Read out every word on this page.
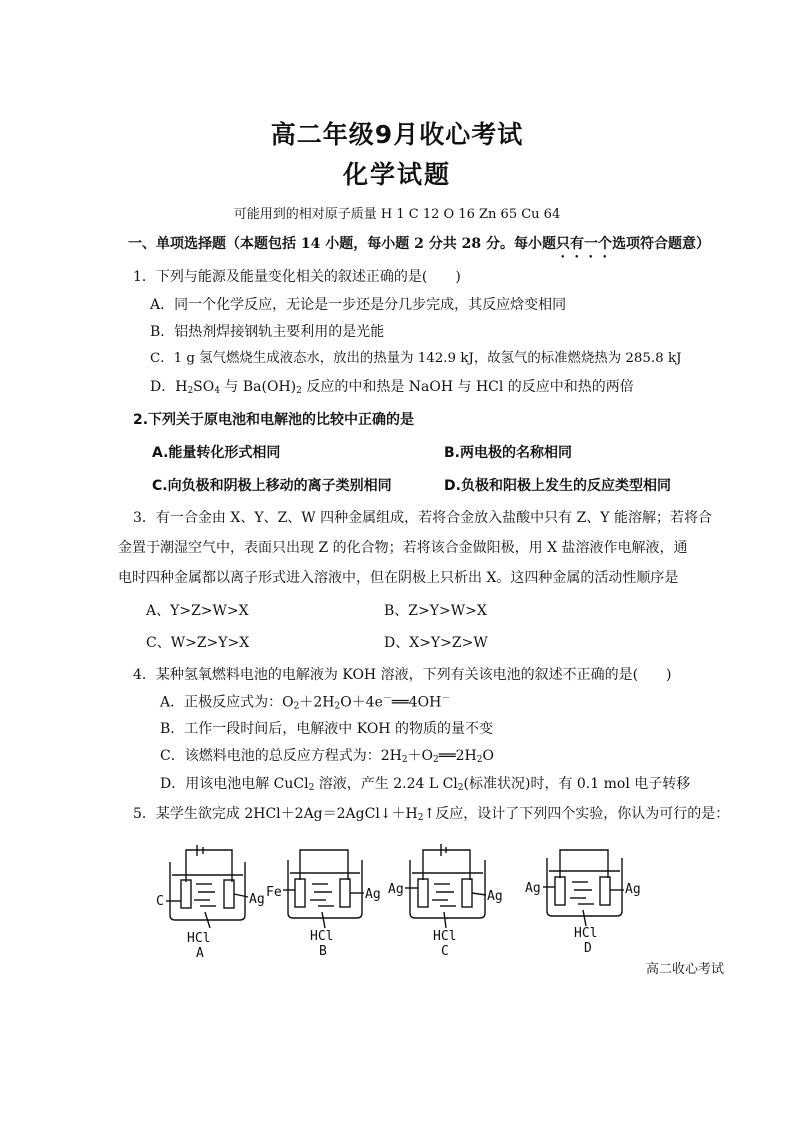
高二年级9月收心考试
化学试题
可能用到的相对原子质量 H 1 C 12 O 16 Zn 65 Cu 64
一、单项选择题（本题包括 14 小题，每小题 2 分共 28 分。每小题只有一个选项符合题意）
1．下列与能源及能量变化相关的叙述正确的是(　　)
A．同一个化学反应，无论是一步还是分几步完成，其反应焓变相同
B．铝热剂焊接钢轨主要利用的是光能
C．1 g 氢气燃烧生成液态水，放出的热量为 142.9 kJ，故氢气的标准燃烧热为 285.8 kJ
D．$H_2SO_4$ 与 $Ba(OH)_2$ 反应的中和热是 NaOH 与 HCl 的反应中和热的两倍
2.下列关于原电池和电解池的比较中正确的是
A.能量转化形式相同	B.两电极的名称相同
C.向负极和阴极上移动的离子类别相同	D.负极和阳极上发生的反应类型相同
3．有一合金由 X、Y、Z、W 四种金属组成，若将合金放入盐酸中只有 Z、Y 能溶解；若将合
金置于潮湿空气中，表面只出现 Z 的化合物；若将该合金做阳极，用 X 盐溶液作电解液，通
电时四种金属都以离子形式进入溶液中，但在阴极上只析出 X。这四种金属的活动性顺序是
A、Y>Z>W>X	B、Z>Y>W>X
C、W>Z>Y>X	D、X>Y>Z>W
4．某种氢氧燃料电池的电解液为 KOH 溶液，下列有关该电池的叙述不正确的是(　　)
A．正极反应式为：$O_2+2H_2O+4e^-══4OH^-$
B．工作一段时间后，电解液中 KOH 的物质的量不变
C．该燃料电池的总反应方程式为：$2H_2+O_2══2H_2O$
D．用该电池电解 CuCl$_2$ 溶液，产生 2.24 L $Cl_2$(标准状况)时，有 0.1 mol 电子转移
5．某学生欲完成 $2HCl+2Ag=2AgCl↓+H_2↑$反应，设计了下列四个实验，你认为可行的是：
C	Ag
HCl
A
Fe	Ag
HCl
B
Ag	Ag
HCl
C
Ag	Ag
HCl
D
高二收心考试
